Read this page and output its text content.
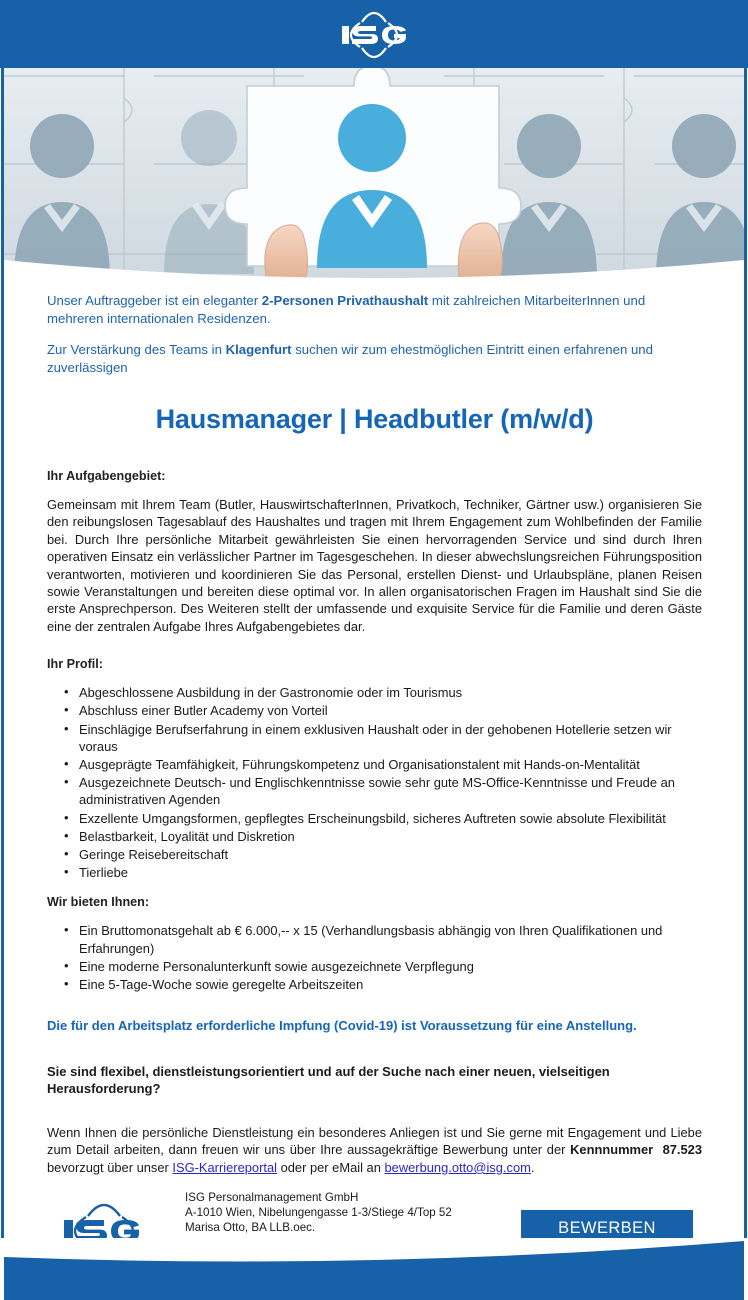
Unser Auftraggeber ist ein eleganter 2-Personen Privathaushalt mit zahlreichen MitarbeiterInnen und mehreren internationalen Residenzen.
Zur Verstärkung des Teams in Klagenfurt suchen wir zum ehestmöglichen Eintritt einen erfahrenen und zuverlässigen
Hausmanager | Headbutler (m/w/d)
Ihr Aufgabengebiet:

Gemeinsam mit Ihrem Team (Butler, HauswirtschafterInnen, Privatkoch, Techniker, Gärtner usw.) organisieren Sie den reibungslosen Tagesablauf des Haushaltes und tragen mit Ihrem Engagement zum Wohlbefinden der Familie bei. Durch Ihre persönliche Mitarbeit gewährleisten Sie einen hervorragenden Service und sind durch Ihren operativen Einsatz ein verlässlicher Partner im Tagesgeschehen. In dieser abwechslungsreichen Führungsposition verantworten, motivieren und koordinieren Sie das Personal, erstellen Dienst- und Urlaubspläne, planen Reisen sowie Veranstaltungen und bereiten diese optimal vor. In allen organisatorischen Fragen im Haushalt sind Sie die erste Ansprechperson. Des Weiteren stellt der umfassende und exquisite Service für die Familie und deren Gäste eine der zentralen Aufgabe Ihres Aufgabengebietes dar.

Ihr Profil:
• Abgeschlossene Ausbildung in der Gastronomie oder im Tourismus
• Abschluss einer Butler Academy von Vorteil
• Einschlägige Berufserfahrung in einem exklusiven Haushalt oder in der gehobenen Hotellerie setzen wir voraus
• Ausgeprägte Teamfähigkeit, Führungskompetenz und Organisationstalent mit Hands-on-Mentalität
• Ausgezeichnete Deutsch- und Englischkenntnisse sowie sehr gute MS-Office-Kenntnisse und Freude an administrativen Agenden
• Exzellente Umgangsformen, gepflegtes Erscheinungsbild, sicheres Auftreten sowie absolute Flexibilität
• Belastbarkeit, Loyalität und Diskretion
• Geringe Reisebereitschaft
• Tierliebe
Wir bieten Ihnen:
• Ein Bruttomonatsgehalt ab € 6.000,-- x 15 (Verhandlungsbasis abhängig von Ihren Qualifikationen und Erfahrungen)
• Eine moderne Personalunterkunft sowie ausgezeichnete Verpflegung
• Eine 5-Tage-Woche sowie geregelte Arbeitszeiten
Die für den Arbeitsplatz erforderliche Impfung (Covid-19) ist Voraussetzung für eine Anstellung.
Sie sind flexibel, dienstleistungsorientiert und auf der Suche nach einer neuen, vielseitigen Herausforderung?

Wenn Ihnen die persönliche Dienstleistung ein besonderes Anliegen ist und Sie gerne mit Engagement und Liebe zum Detail arbeiten, dann freuen wir uns über Ihre aussagekräftige Bewerbung unter der Kennnummer 87.523 bevorzugt über unser ISG-Karriereportal oder per eMail an bewerbung.otto@isg.com.

ISG Personalmanagement GmbH
A-1010 Wien, Nibelungengasse 1-3/Stiege 4/Top 52
Marisa Otto, BA LLB.oec.	BEWERBEN
